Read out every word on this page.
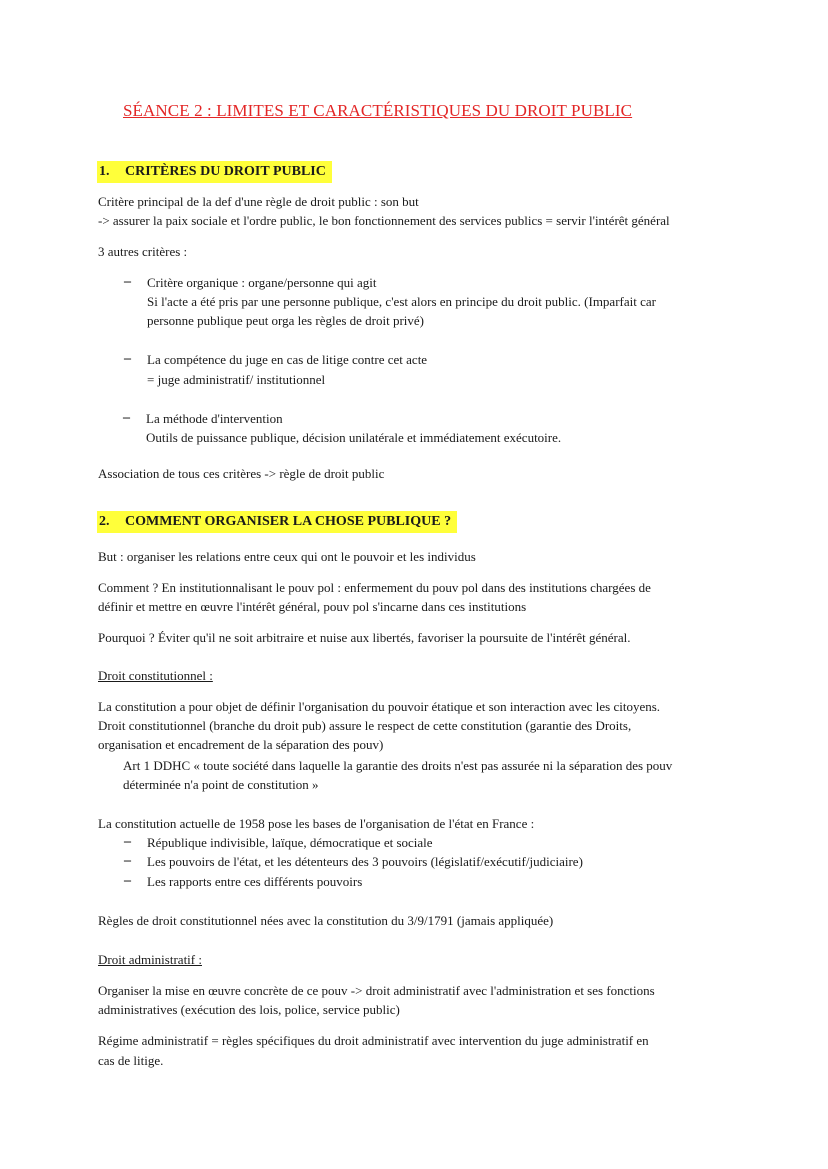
SÉANCE 2 : LIMITES ET CARACTÉRISTIQUES DU DROIT PUBLIC
1. CRITÈRES DU DROIT PUBLIC
Critère principal de la def d'une règle de droit public : son but
-> assurer la paix sociale et l'ordre public, le bon fonctionnement des services publics = servir l'intérêt général
3 autres critères :
– Critère organique : organe/personne qui agit
Si l'acte a été pris par une personne publique, c'est alors en principe du droit public. (Imparfait car
personne publique peut orga les règles de droit privé)
– La compétence du juge en cas de litige contre cet acte
= juge administratif/ institutionnel
– La méthode d'intervention
Outils de puissance publique, décision unilatérale et immédiatement exécutoire.
Association de tous ces critères -> règle de droit public
2. COMMENT ORGANISER LA CHOSE PUBLIQUE ?
But : organiser les relations entre ceux qui ont le pouvoir et les individus
Comment ? En institutionnalisant le pouv pol : enfermement du pouv pol dans des institutions chargées de
définir et mettre en œuvre l'intérêt général, pouv pol s'incarne dans ces institutions
Pourquoi ? Éviter qu'il ne soit arbitraire et nuise aux libertés, favoriser la poursuite de l'intérêt général.
Droit constitutionnel :
La constitution a pour objet de définir l'organisation du pouvoir étatique et son interaction avec les citoyens.
Droit constitutionnel (branche du droit pub) assure le respect de cette constitution (garantie des Droits,
organisation et encadrement de la séparation des pouv)
Art 1 DDHC « toute société dans laquelle la garantie des droits n'est pas assurée ni la séparation des pouv
déterminée n'a point de constitution »
La constitution actuelle de 1958 pose les bases de l'organisation de l'état en France :
– République indivisible, laïque, démocratique et sociale
– Les pouvoirs de l'état, et les détenteurs des 3 pouvoirs (législatif/exécutif/judiciaire)
– Les rapports entre ces différents pouvoirs
Règles de droit constitutionnel nées avec la constitution du 3/9/1791 (jamais appliquée)
Droit administratif :
Organiser la mise en œuvre concrète de ce pouv -> droit administratif avec l'administration et ses fonctions
administratives (exécution des lois, police, service public)
Régime administratif = règles spécifiques du droit administratif avec intervention du juge administratif en
cas de litige.
